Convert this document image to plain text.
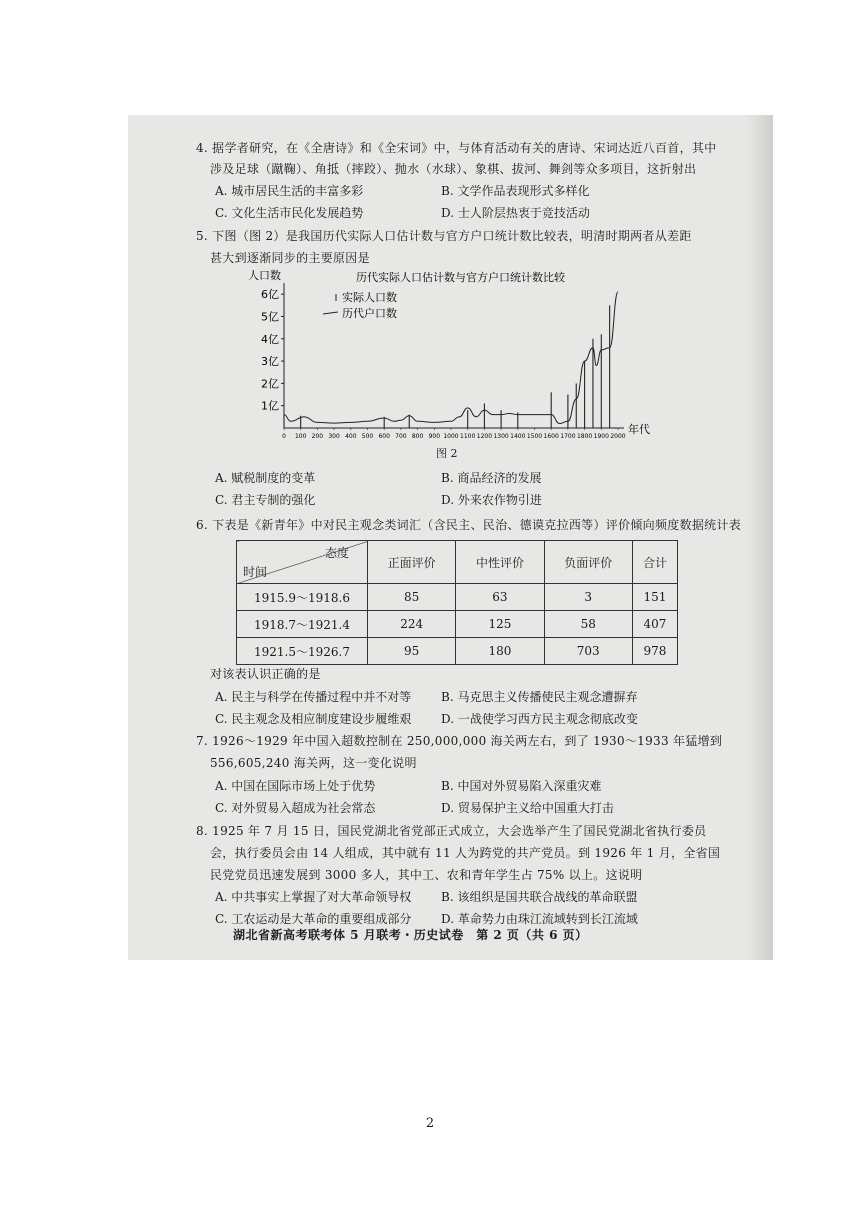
4. 据学者研究，在《全唐诗》和《全宋词》中，与体育活动有关的唐诗、宋词达近八百首，其中
涉及足球（蹴鞠）、角抵（摔跤）、抛水（水球）、象棋、拔河、舞剑等众多项目，这折射出
A. 城市居民生活的丰富多彩	B. 文学作品表现形式多样化
C. 文化生活市民化发展趋势	D. 士人阶层热衷于竞技活动
5. 下图（图 2）是我国历代实际人口估计数与官方户口统计数比较表，明清时期两者从差距
甚大到逐渐同步的主要原因是
人口数	历代实际人口估计数与官方户口统计数比较
实际人口数
历代户口数
年代
1亿
2亿
3亿
4亿
5亿
6亿
0 100 200 300 400 500 600 700 800 900 1000 1100 1200 1300 1400 1500 1600 1700 1800 1900 2000
图 2
A. 赋税制度的变革	B. 商品经济的发展
C. 君主专制的强化	D. 外来农作物引进
6. 下表是《新青年》中对民主观念类词汇（含民主、民治、德谟克拉西等）评价倾向频度数据统计表
态度
时间	正面评价	中性评价	负面评价	合计
1915.9～1918.6	85	63	3	151
1918.7～1921.4	224	125	58	407
1921.5～1926.7	95	180	703	978
对该表认识正确的是
A. 民主与科学在传播过程中并不对等 B. 马克思主义传播使民主观念遭摒弃
C. 民主观念及相应制度建设步履维艰 D. 一战使学习西方民主观念彻底改变
7. 1926～1929 年中国入超数控制在 250,000,000 海关两左右，到了 1930～1933 年猛增到
556,605,240 海关两，这一变化说明
A. 中国在国际市场上处于优势	B. 中国对外贸易陷入深重灾难
C. 对外贸易入超成为社会常态	D. 贸易保护主义给中国重大打击
8. 1925 年 7 月 15 日，国民党湖北省党部正式成立，大会选举产生了国民党湖北省执行委员
会，执行委员会由 14 人组成，其中就有 11 人为跨党的共产党员。到 1926 年 1 月，全省国
民党党员迅速发展到 3000 多人，其中工、农和青年学生占 75% 以上。这说明
A. 中共事实上掌握了对大革命领导权 B. 该组织是国共联合战线的革命联盟
C. 工农运动是大革命的重要组成部分 D. 革命势力由珠江流域转到长江流域
湖北省新高考联考体 5 月联考・历史试卷　第 2 页（共 6 页）
2
